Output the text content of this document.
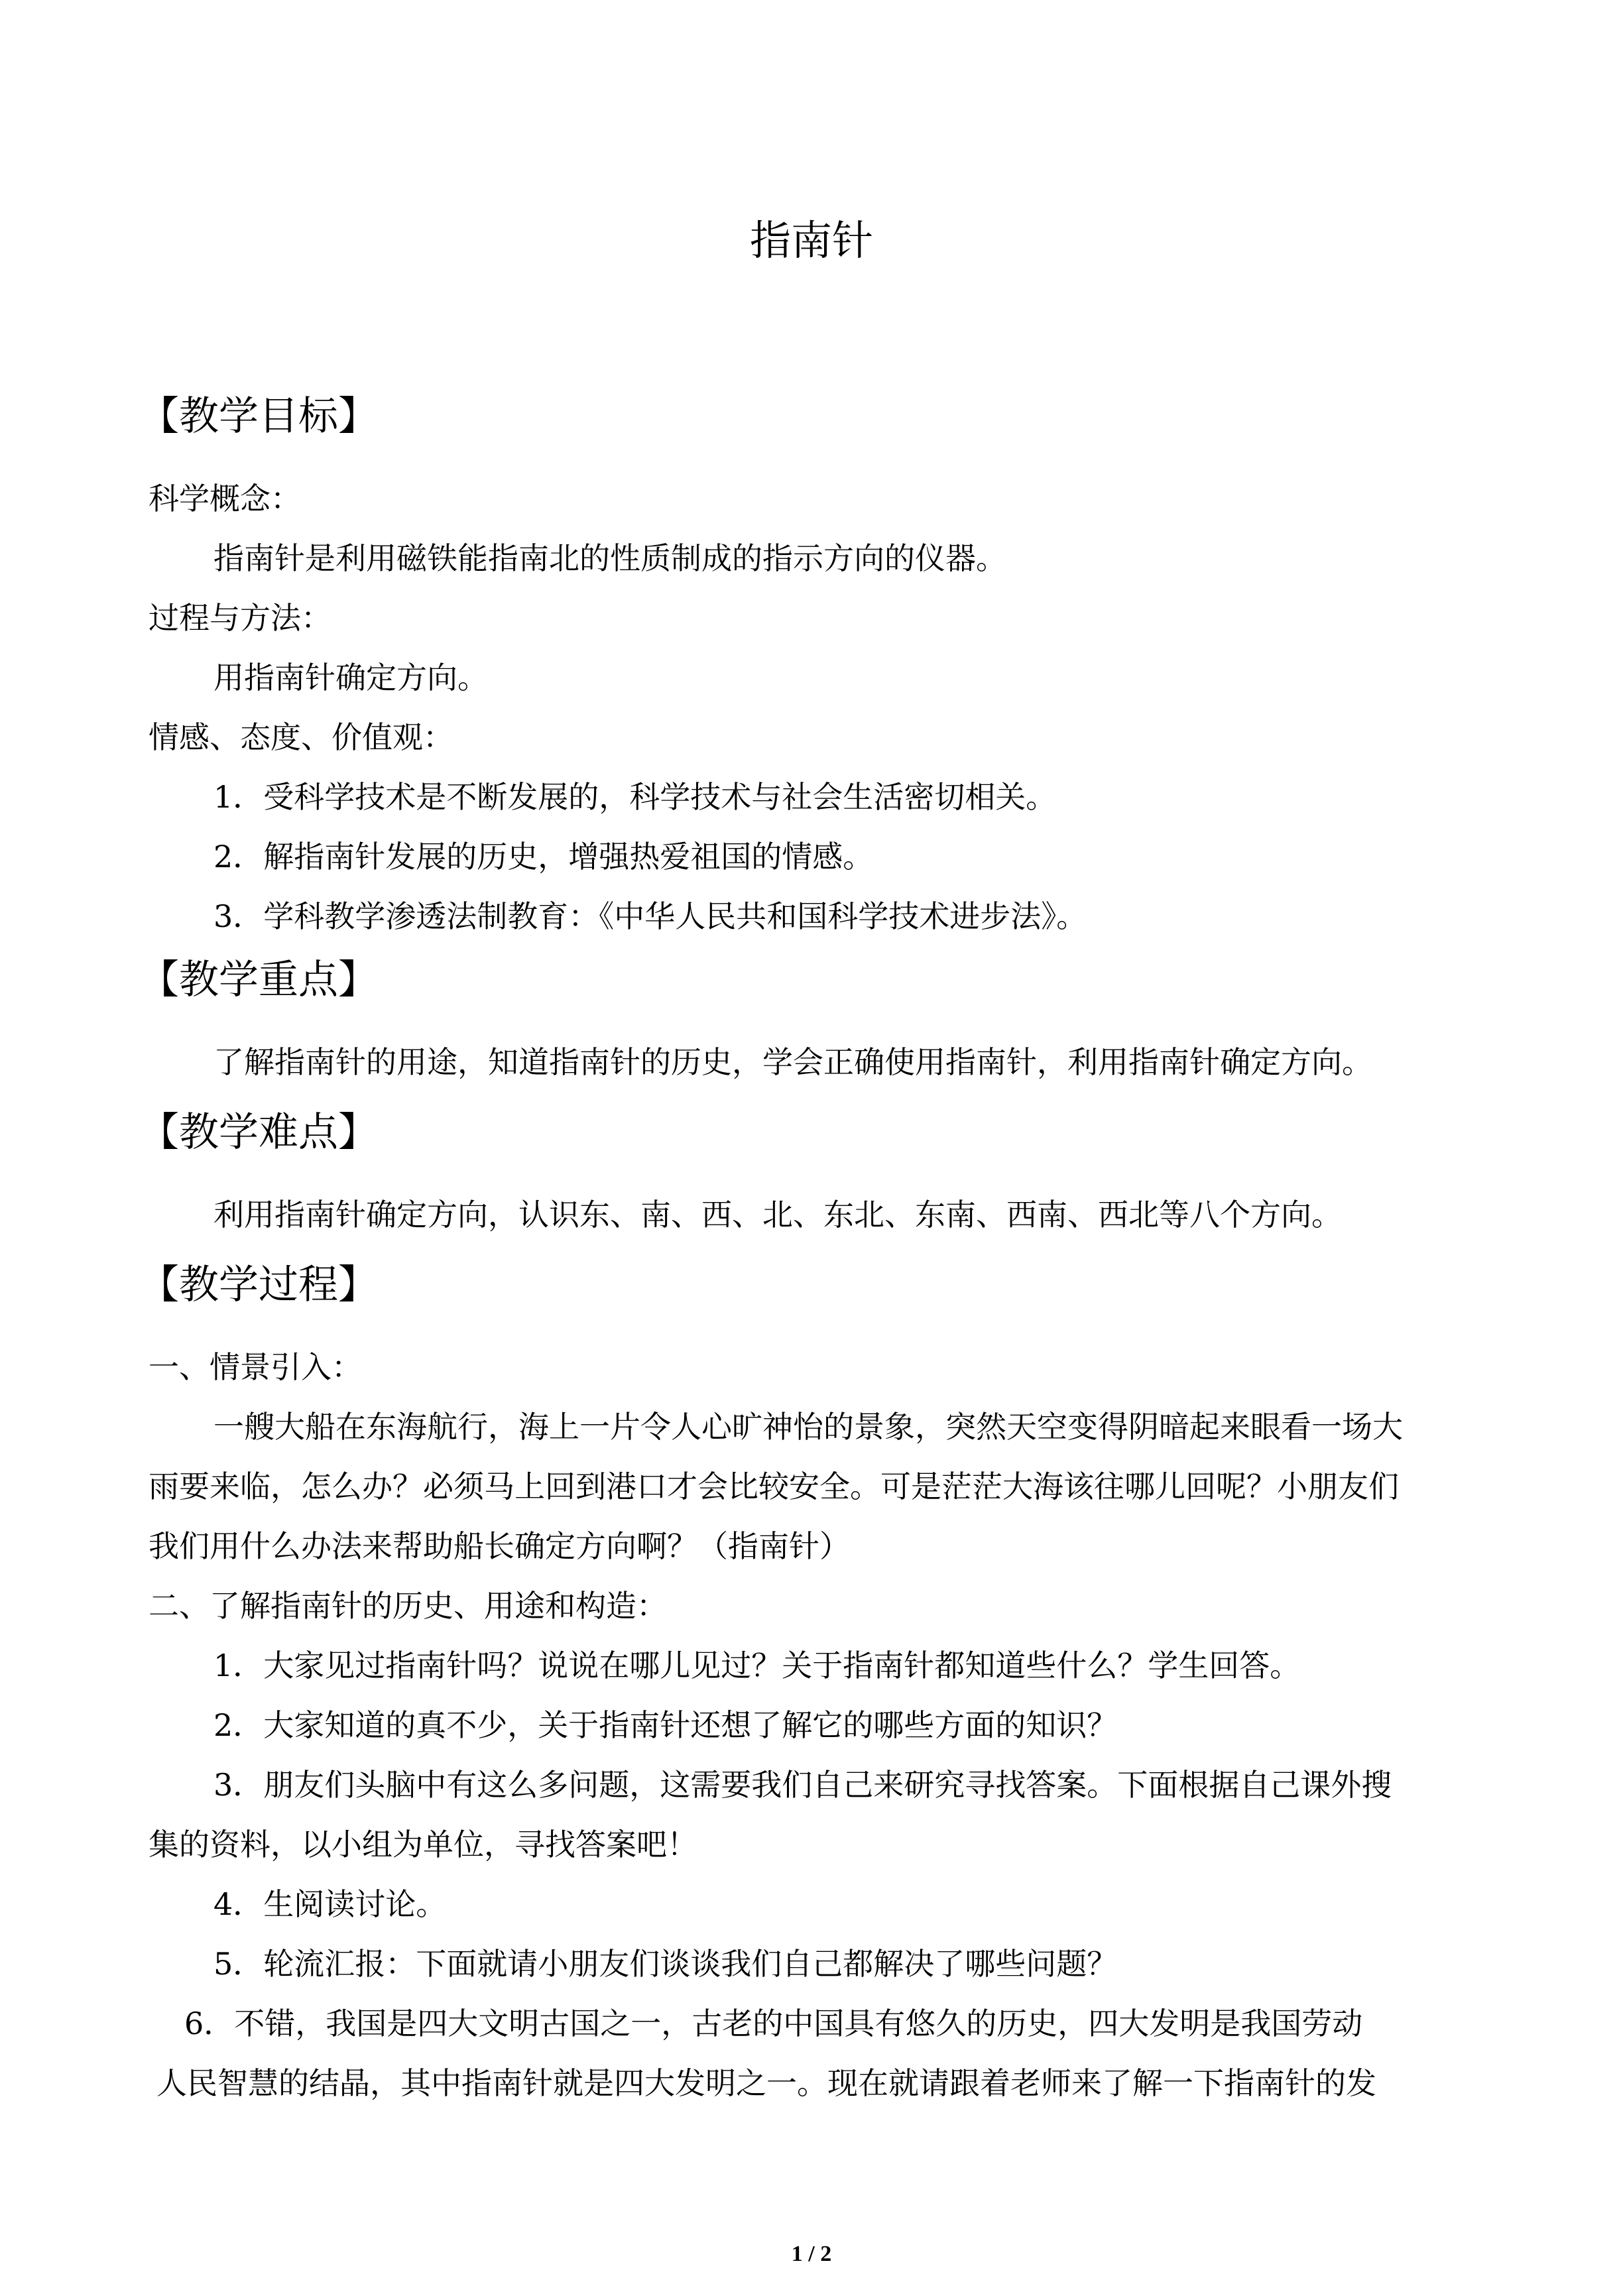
指南针
【教学目标】
科学概念：
指南针是利用磁铁能指南北的性质制成的指示方向的仪器。
过程与方法：
用指南针确定方向。
情感、态度、价值观：
1．受科学技术是不断发展的，科学技术与社会生活密切相关。
2．解指南针发展的历史，增强热爱祖国的情感。
3．学科教学渗透法制教育：《中华人民共和国科学技术进步法》。
【教学重点】
了解指南针的用途，知道指南针的历史，学会正确使用指南针，利用指南针确定方向。
【教学难点】
利用指南针确定方向，认识东、南、西、北、东北、东南、西南、西北等八个方向。
【教学过程】
一、情景引入：
一艘大船在东海航行，海上一片令人心旷神怡的景象，突然天空变得阴暗起来眼看一场大
雨要来临，怎么办？必须马上回到港口才会比较安全。可是茫茫大海该往哪儿回呢？小朋友们
我们用什么办法来帮助船长确定方向啊？（指南针）
二、了解指南针的历史、用途和构造：
1．大家见过指南针吗？说说在哪儿见过？关于指南针都知道些什么？学生回答。
2．大家知道的真不少，关于指南针还想了解它的哪些方面的知识？
3．朋友们头脑中有这么多问题，这需要我们自己来研究寻找答案。下面根据自己课外搜
集的资料，以小组为单位，寻找答案吧！
4．生阅读讨论。
5．轮流汇报：下面就请小朋友们谈谈我们自己都解决了哪些问题？
6．不错，我国是四大文明古国之一，古老的中国具有悠久的历史，四大发明是我国劳动
人民智慧的结晶，其中指南针就是四大发明之一。现在就请跟着老师来了解一下指南针的发
1 / 2
